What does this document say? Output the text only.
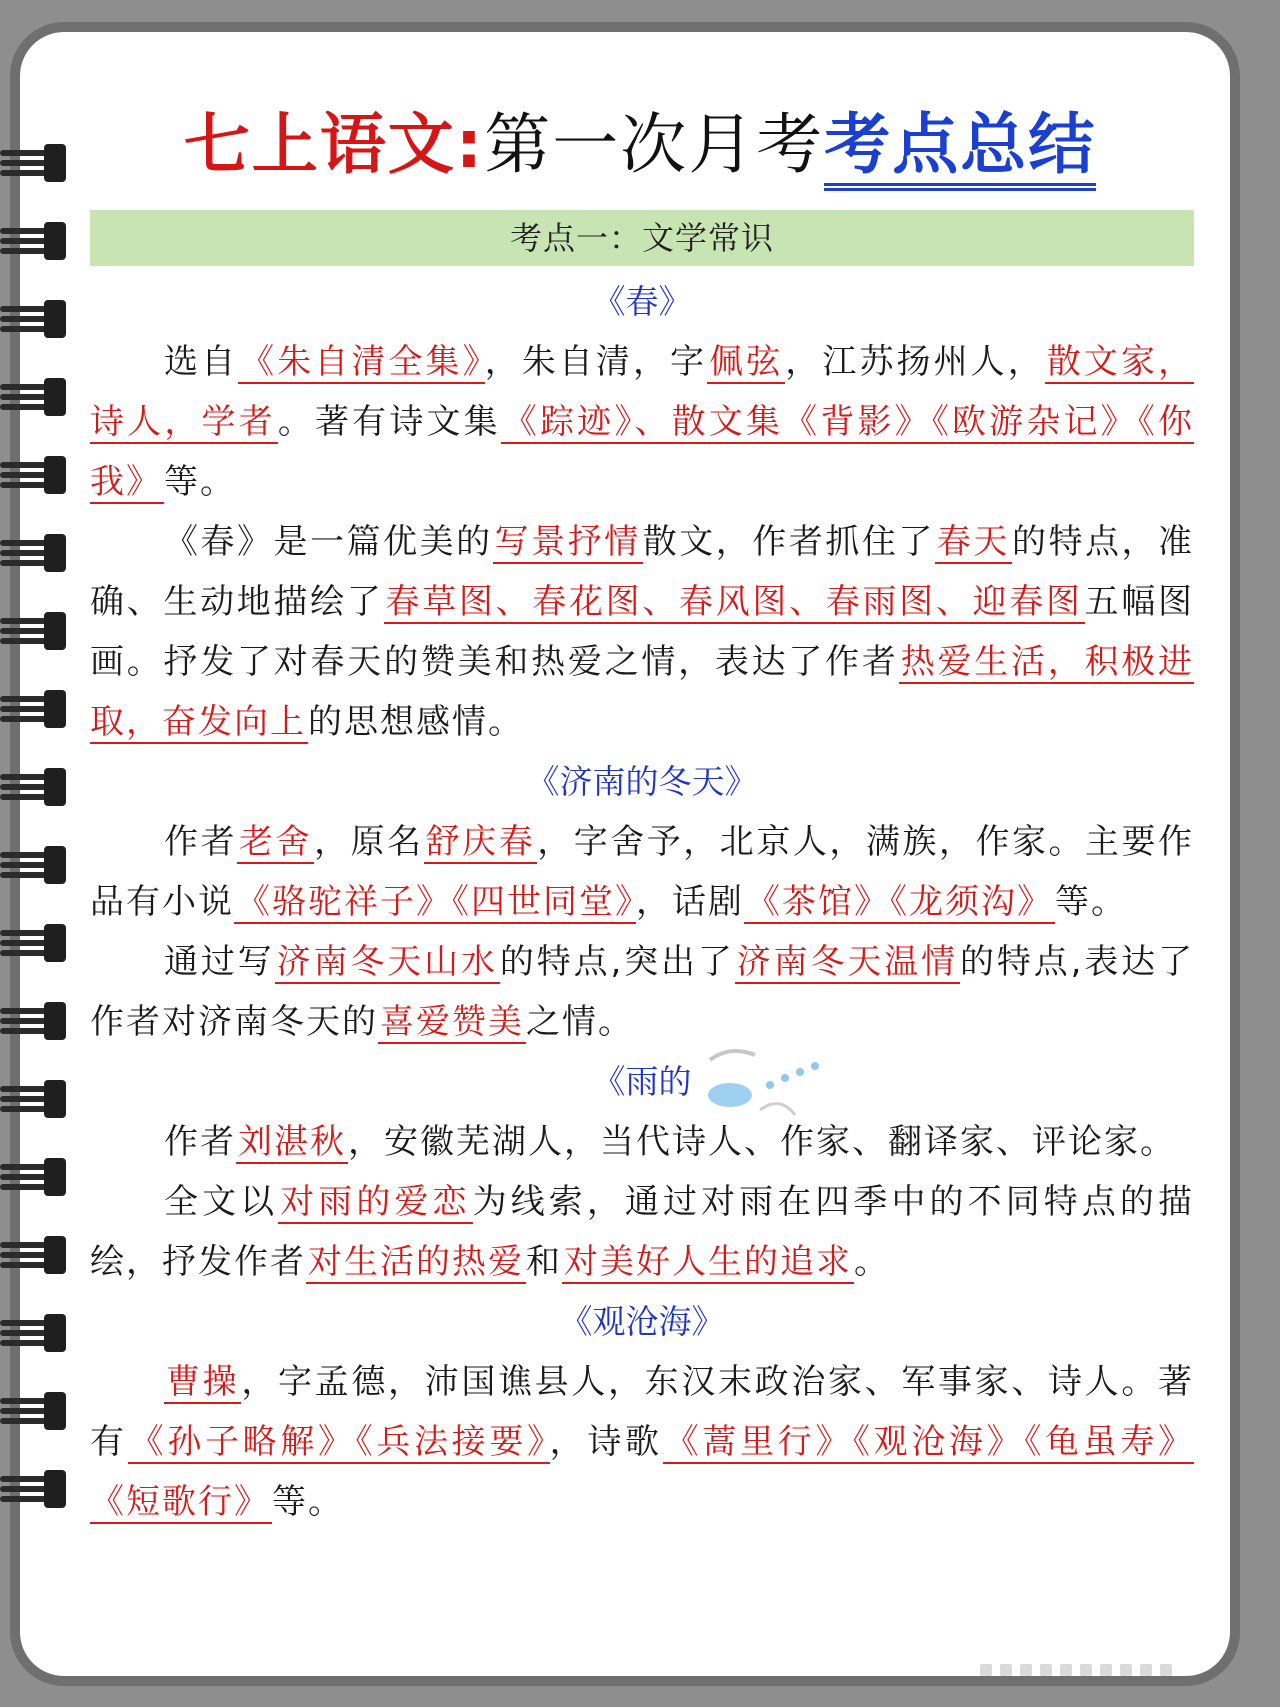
七上语文:第一次月考考点总结
考点一：文学常识
《春》

选自《朱自清全集》，朱自清，字佩弦，江苏扬州人，散文家，诗人，学者。著有诗文集《踪迹》、散文集《背影》《欧游杂记》《你我》等。

《春》是一篇优美的写景抒情散文，作者抓住了春天的特点，准确、生动地描绘了春草图、春花图、春风图、春雨图、迎春图五幅图画。抒发了对春天的赞美和热爱之情，表达了作者热爱生活，积极进取，奋发向上的思想感情。

《济南的冬天》

作者老舍，原名舒庆春，字舍予，北京人，满族，作家。主要作品有小说《骆驼祥子》《四世同堂》，话剧《茶馆》《龙须沟》等。

通过写济南冬天山水的特点,突出了济南冬天温情的特点,表达了作者对济南冬天的喜爱赞美之情。

《雨的

作者刘湛秋，安徽芜湖人，当代诗人、作家、翻译家、评论家。

全文以对雨的爱恋为线索，通过对雨在四季中的不同特点的描绘，抒发作者对生活的热爱和对美好人生的追求。

《观沧海》

曹操，字孟德，沛国谯县人，东汉末政治家、军事家、诗人。著有《孙子略解》《兵法接要》，诗歌《蒿里行》《观沧海》《龟虽寿》《短歌行》等。
